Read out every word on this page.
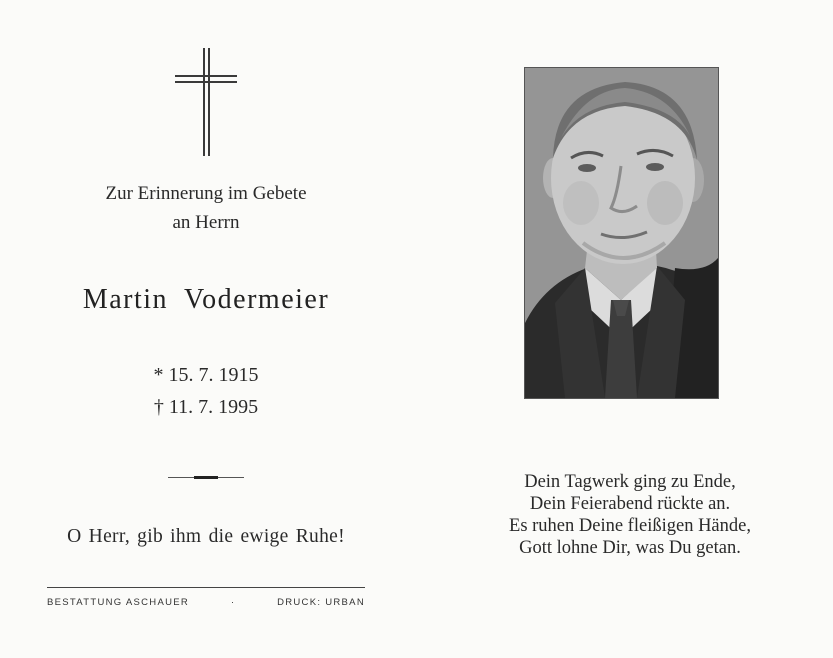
Zur Erinnerung im Gebete
an Herrn
Martin Vodermeier
* 15. 7. 1915
† 11. 7. 1995
O Herr, gib ihm die ewige Ruhe!
BESTATTUNG ASCHAUER	·	DRUCK: URBAN
Dein Tagwerk ging zu Ende,
Dein Feierabend rückte an.
Es ruhen Deine fleißigen Hände,
Gott lohne Dir, was Du getan.
